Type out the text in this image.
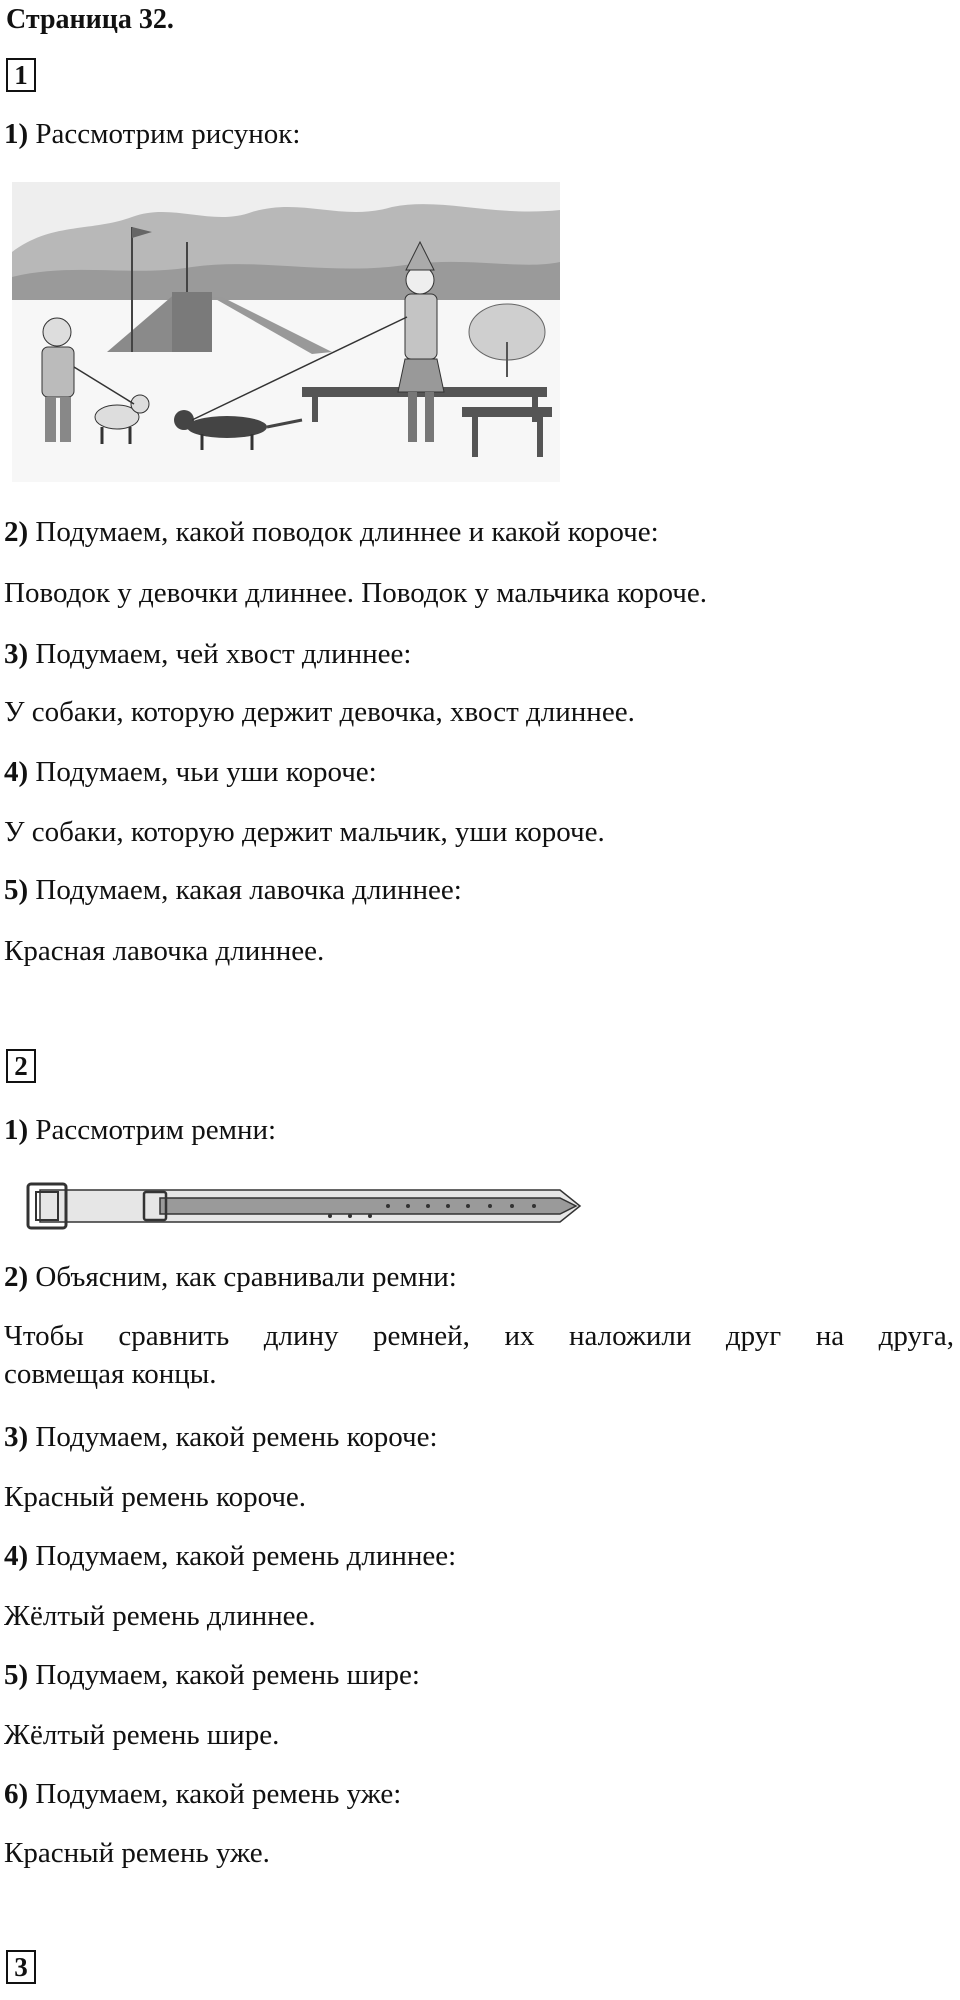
Страница 32.
1
1) Рассмотрим рисунок:
2) Подумаем, какой поводок длиннее и какой короче:
Поводок у девочки длиннее. Поводок у мальчика короче.
3) Подумаем, чей хвост длиннее:
У собаки, которую держит девочка, хвост длиннее.
4) Подумаем, чьи уши короче:
У собаки, которую держит мальчик, уши короче.
5) Подумаем, какая лавочка длиннее:
Красная лавочка длиннее.
2
1) Рассмотрим ремни:
2) Объясним, как сравнивали ремни:
Чтобы сравнить длину ремней, их наложили друг на друга,
совмещая концы.
3) Подумаем, какой ремень короче:
Красный ремень короче.
4) Подумаем, какой ремень длиннее:
Жёлтый ремень длиннее.
5) Подумаем, какой ремень шире:
Жёлтый ремень шире.
6) Подумаем, какой ремень уже:
Красный ремень уже.
3
